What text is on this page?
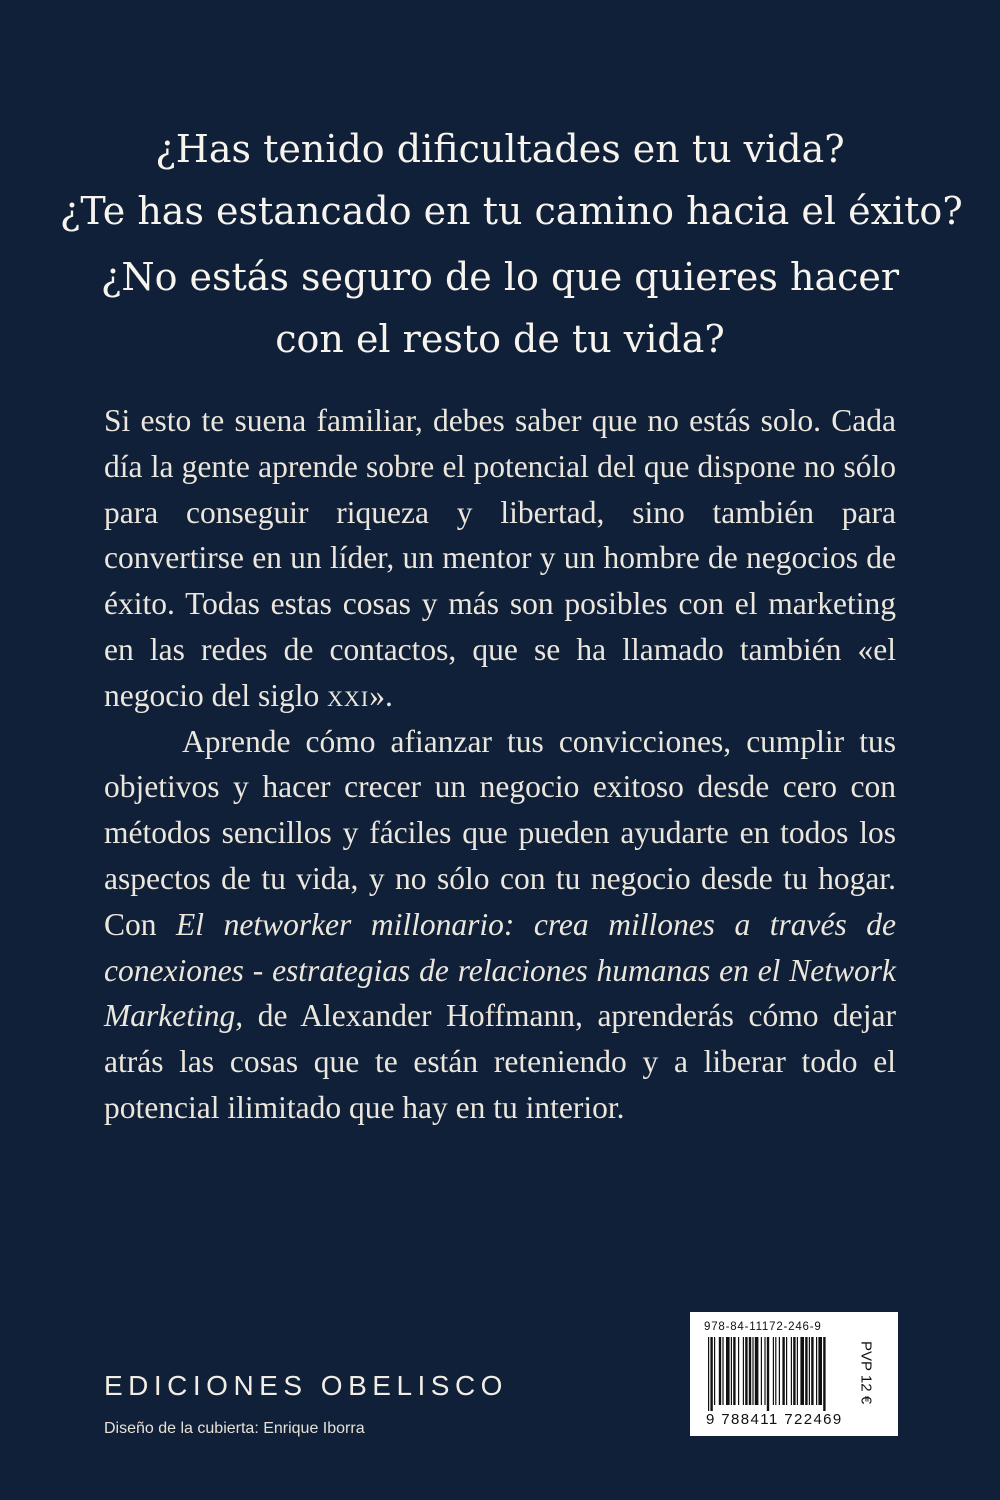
¿Has tenido dificultades en tu vida?
¿Te has estancado en tu camino hacia el éxito?
¿No estás seguro de lo que quieres hacer
con el resto de tu vida?

Si esto te suena familiar, debes saber que no estás solo. Cada día la gente aprende sobre el potencial del que dispone no sólo para conseguir riqueza y libertad, sino también para convertirse en un líder, un mentor y un hombre de negocios de éxito. Todas estas cosas y más son posibles con el marketing en las redes de contactos, que se ha llamado también «el negocio del siglo xxi».

Aprende cómo afianzar tus convicciones, cumplir tus objetivos y hacer crecer un negocio exitoso desde cero con métodos sencillos y fáciles que pueden ayudarte en todos los aspectos de tu vida, y no sólo con tu negocio desde tu hogar. Con El networker millonario: crea millones a través de conexiones - estrategias de relaciones humanas en el Network Marketing, de Alexander Hoffmann, aprenderás cómo dejar atrás las cosas que te están reteniendo y a liberar todo el potencial ilimitado que hay en tu interior.

EDICIONES OBELISCO
Diseño de la cubierta: Enrique Iborra
978-84-11172-246-9
9 788411 722469
PVP 12 €
